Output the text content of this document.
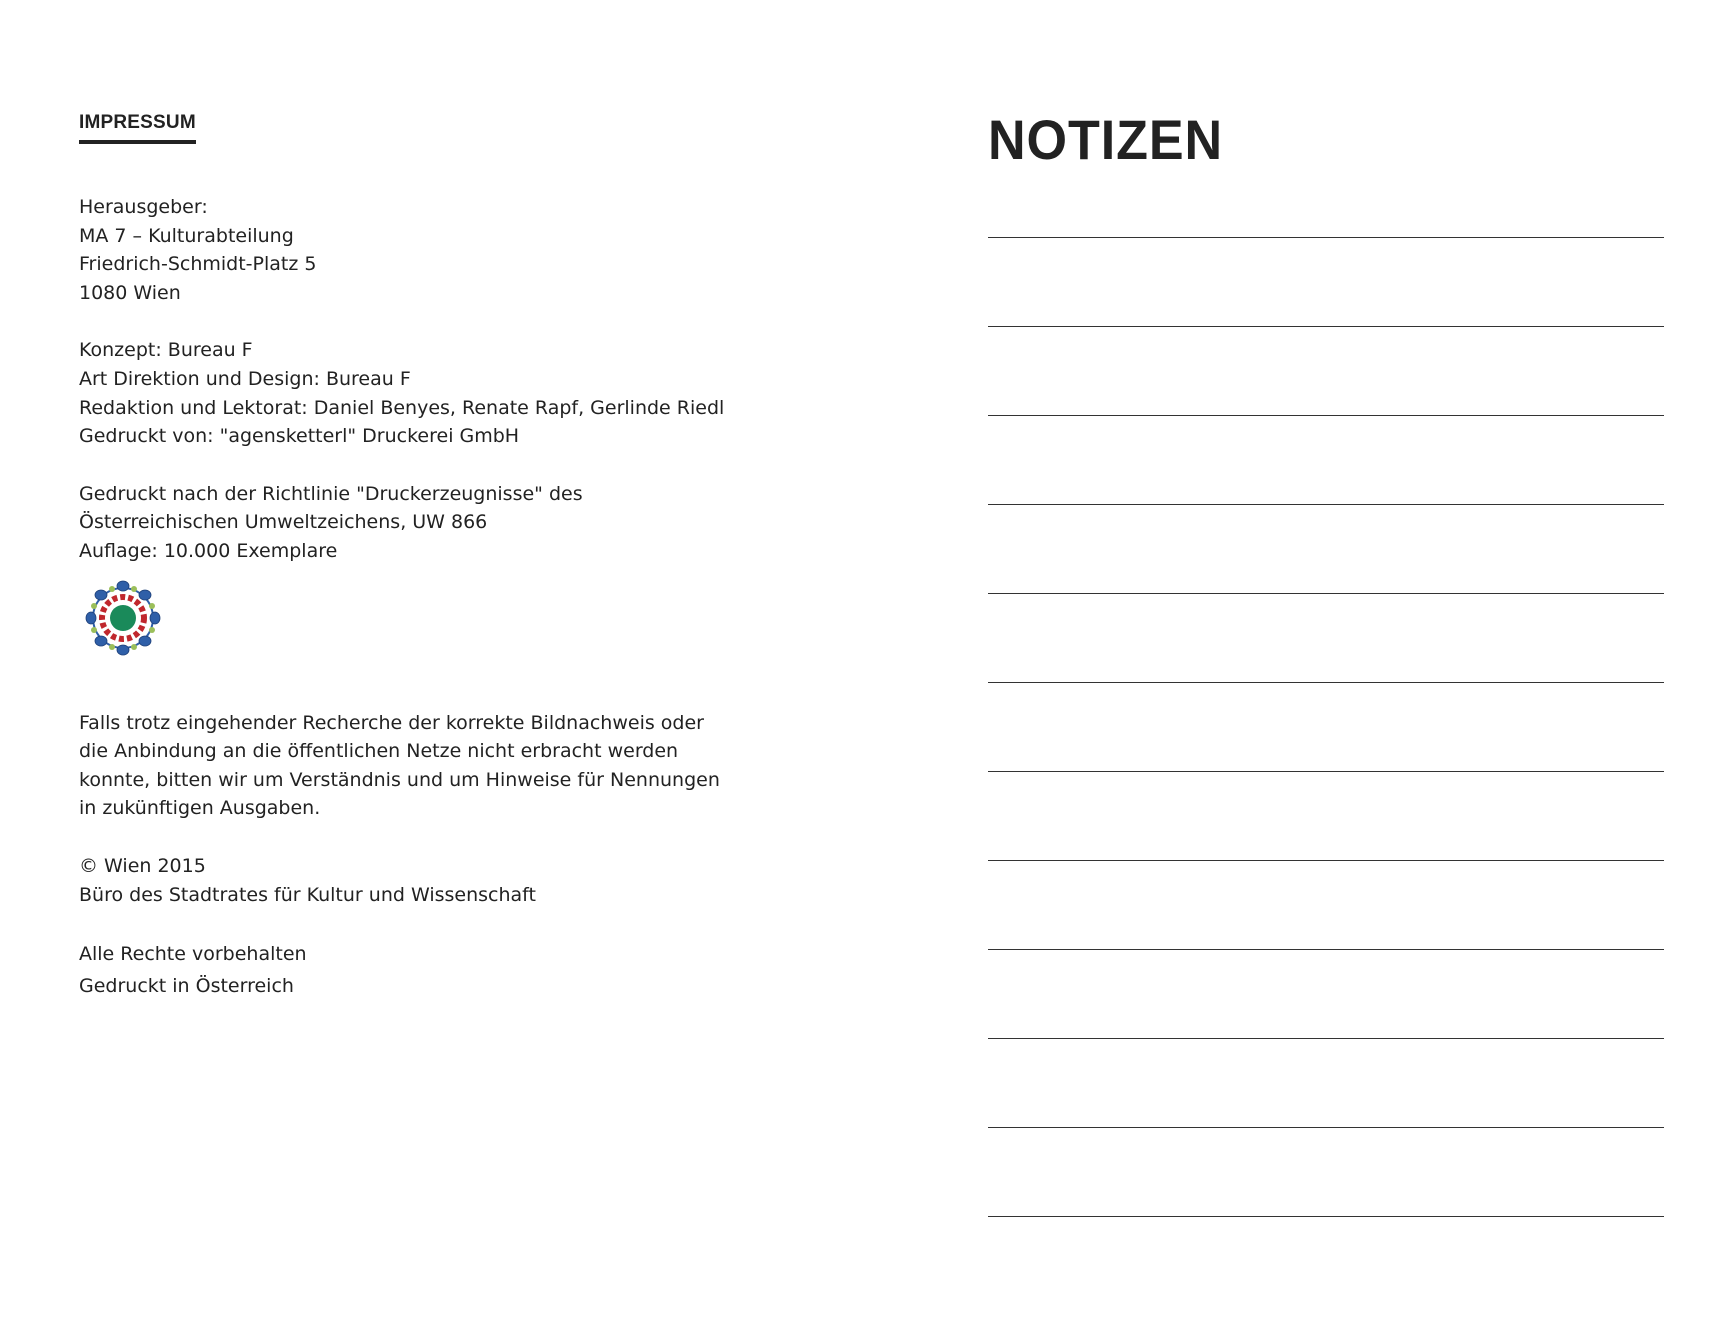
IMPRESSUM

Herausgeber:
MA 7 – Kulturabteilung
Friedrich-Schmidt-Platz 5
1080 Wien

Konzept: Bureau F
Art Direktion und Design: Bureau F
Redaktion und Lektorat: Daniel Benyes, Renate Rapf, Gerlinde Riedl
Gedruckt von: "agensketterl" Druckerei GmbH

Gedruckt nach der Richtlinie "Druckerzeugnisse" des
Österreichischen Umweltzeichens, UW 866
Auflage: 10.000 Exemplare

Falls trotz eingehender Recherche der korrekte Bildnachweis oder
die Anbindung an die öffentlichen Netze nicht erbracht werden
konnte, bitten wir um Verständnis und um Hinweise für Nennungen
in zukünftigen Ausgaben.

© Wien 2015
Büro des Stadtrates für Kultur und Wissenschaft

Alle Rechte vorbehalten
Gedruckt in Österreich

NOTIZEN
